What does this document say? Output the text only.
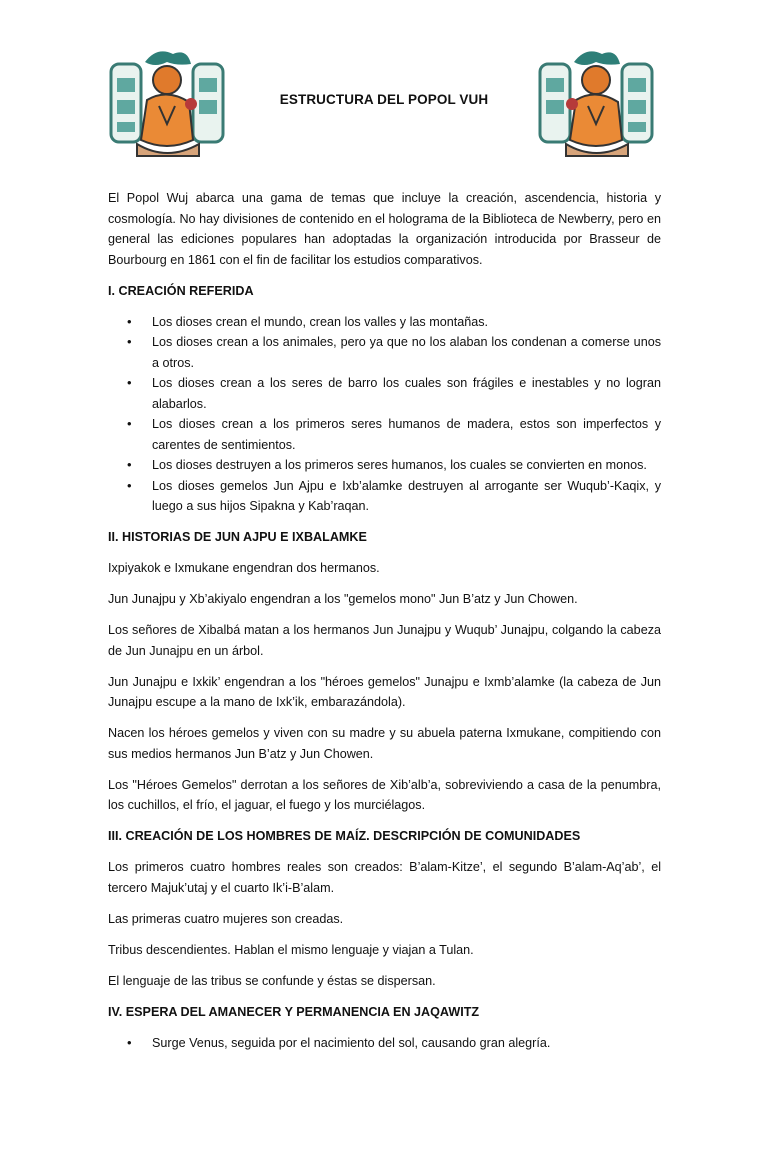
ESTRUCTURA DEL POPOL VUH

El Popol Wuj abarca una gama de temas que incluye la creación, ascendencia, historia y cosmología. No hay divisiones de contenido en el holograma de la Biblioteca de Newberry, pero en general las ediciones populares han adoptadas la organización introducida por Brasseur de Bourbourg en 1861 con el fin de facilitar los estudios comparativos.

I. CREACIÓN REFERIDA
• Los dioses crean el mundo, crean los valles y las montañas.
• Los dioses crean a los animales, pero ya que no los alaban los condenan a comerse unos a otros.
• Los dioses crean a los seres de barro los cuales son frágiles e inestables y no logran alabarlos.
• Los dioses crean a los primeros seres humanos de madera, estos son imperfectos y carentes de sentimientos.
• Los dioses destruyen a los primeros seres humanos, los cuales se convierten en monos.
• Los dioses gemelos Jun Ajpu e Ixb’alamke destruyen al arrogante ser Wuqub’-Kaqix, y luego a sus hijos Sipakna y Kab’raqan.
II. HISTORIAS DE JUN AJPU E IXBALAMKE

Ixpiyakok e Ixmukane engendran dos hermanos.

Jun Junajpu y Xb’akiyalo engendran a los "gemelos mono" Jun B’atz y Jun Chowen.

Los señores de Xibalbá matan a los hermanos Jun Junajpu y Wuqub’ Junajpu, colgando la cabeza de Jun Junajpu en un árbol.

Jun Junajpu e Ixkik’ engendran a los "héroes gemelos" Junajpu e Ixmb’alamke (la cabeza de Jun Junajpu escupe a la mano de Ixk’ik, embarazándola).

Nacen los héroes gemelos y viven con su madre y su abuela paterna Ixmukane, compitiendo con sus medios hermanos Jun B’atz y Jun Chowen.

Los "Héroes Gemelos" derrotan a los señores de Xib’alb’a, sobreviviendo a casa de la penumbra, los cuchillos, el frío, el jaguar, el fuego y los murciélagos.

III. CREACIÓN DE LOS HOMBRES DE MAÍZ. DESCRIPCIÓN DE COMUNIDADES

Los primeros cuatro hombres reales son creados: B’alam-Kitze’, el segundo B’alam-Aq’ab’, el tercero Majuk’utaj y el cuarto Ik’i-B’alam.

Las primeras cuatro mujeres son creadas.

Tribus descendientes. Hablan el mismo lenguaje y viajan a Tulan.

El lenguaje de las tribus se confunde y éstas se dispersan.

IV. ESPERA DEL AMANECER Y PERMANENCIA EN JAQAWITZ
• Surge Venus, seguida por el nacimiento del sol, causando gran alegría.
